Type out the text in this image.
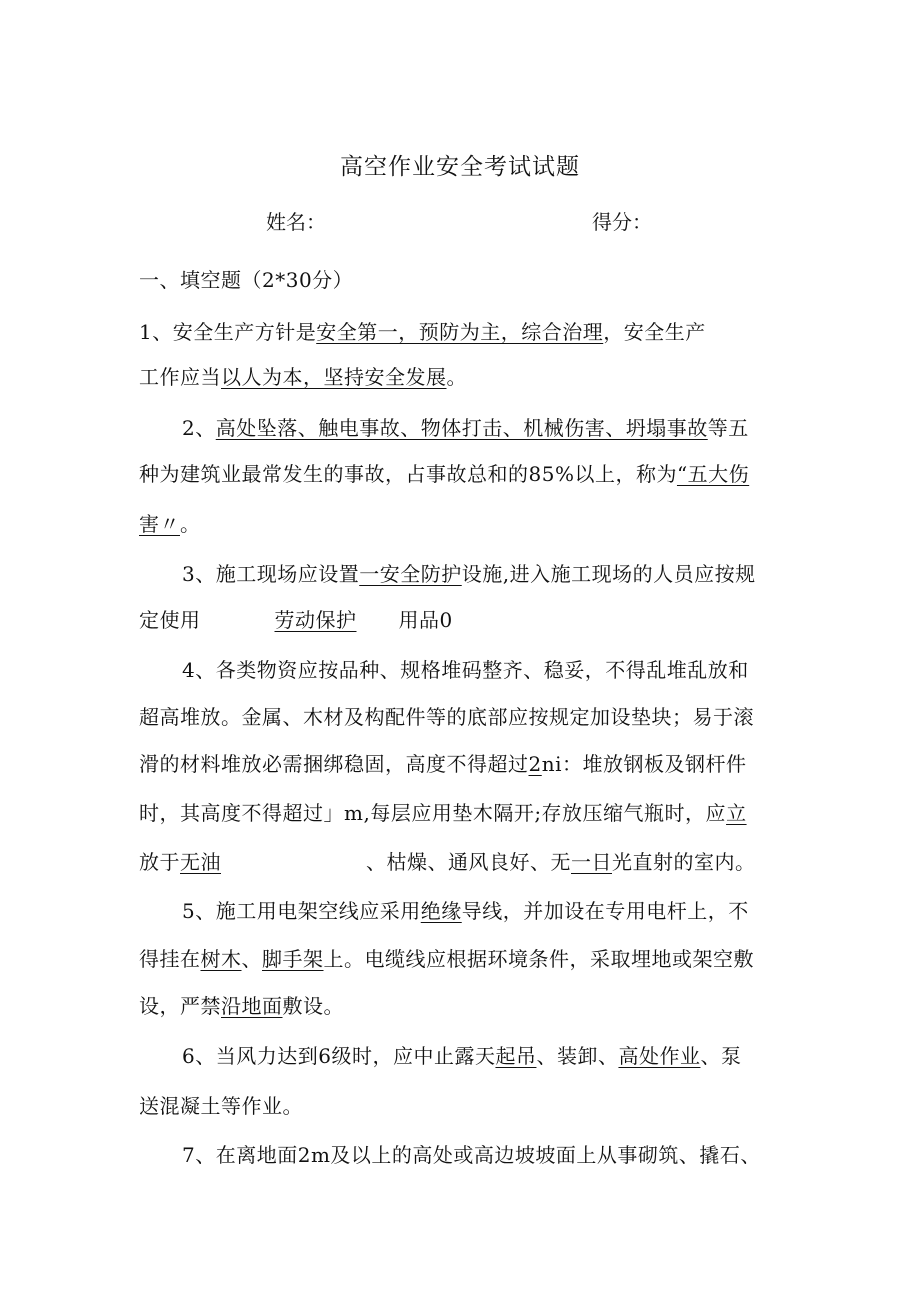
高空作业安全考试试题
姓名：	得分：
一、填空题（2*30分）
1、安全生产方针是安全第一，预防为主，综合治理，安全生产
工作应当以人为本，坚持安全发展。
2、高处坠落、触电事故、物体打击、机械伤害、坍塌事故等五
种为建筑业最常发生的事故，占事故总和的85%以上，称为“五大伤
害〃。
3、施工现场应设置一安全防护设施,进入施工现场的人员应按规
定使用	劳动保护 用品0
4、各类物资应按品种、规格堆码整齐、稳妥，不得乱堆乱放和
超高堆放。金属、木材及构配件等的底部应按规定加设垫块；易于滚
滑的材料堆放必需捆绑稳固，高度不得超过2ni：堆放钢板及钢杆件
时，其高度不得超过」m,每层应用垫木隔开;存放压缩气瓶时，应立
放于无油	、枯燥、通风良好、无一日光直射的室内。
5、施工用电架空线应采用绝缘导线，并加设在专用电杆上，不
得挂在树木、脚手架上。电缆线应根据环境条件，采取埋地或架空敷
设，严禁沿地面敷设。
6、当风力达到6级时，应中止露天起吊、装卸、高处作业、泵
送混凝土等作业。
7、在离地面2m及以上的高处或高边坡坡面上从事砌筑、撬石、
